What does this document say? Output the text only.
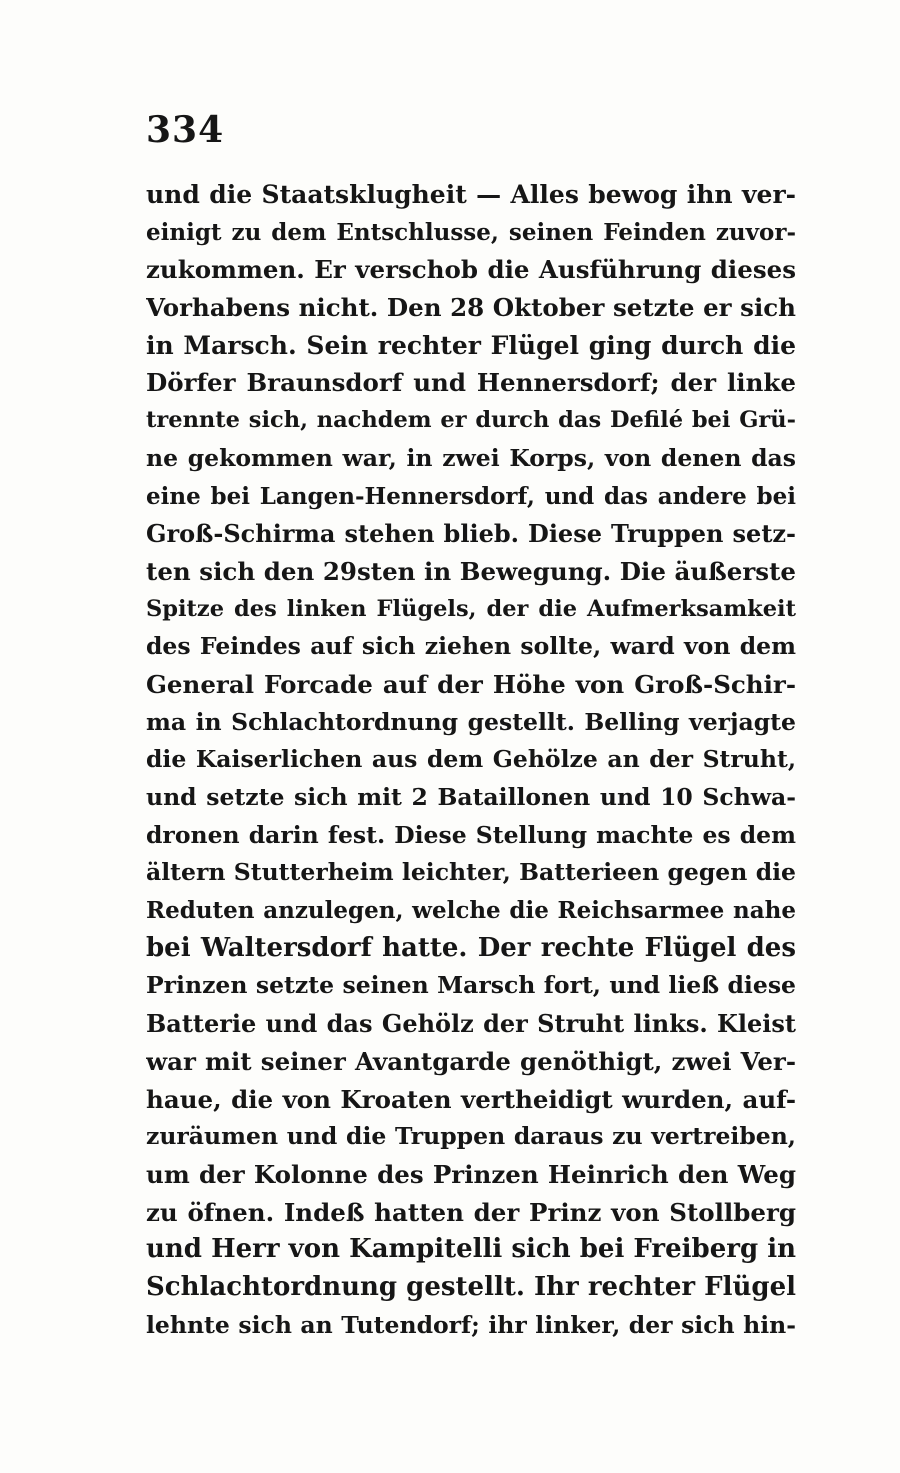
334
und die Staatsklugheit — Alles bewog ihn ver-
einigt zu dem Entschlusse, seinen Feinden zuvor-
zukommen. Er verschob die Ausführung dieses
Vorhabens nicht. Den 28 Oktober setzte er sich
in Marsch. Sein rechter Flügel ging durch die
Dörfer Braunsdorf und Hennersdorf; der linke
trennte sich, nachdem er durch das Defilé bei Grü-
ne gekommen war, in zwei Korps, von denen das
eine bei Langen-Hennersdorf, und das andere bei
Groß-Schirma stehen blieb. Diese Truppen setz-
ten sich den 29sten in Bewegung. Die äußerste
Spitze des linken Flügels, der die Aufmerksamkeit
des Feindes auf sich ziehen sollte, ward von dem
General Forcade auf der Höhe von Groß-Schir-
ma in Schlachtordnung gestellt. Belling verjagte
die Kaiserlichen aus dem Gehölze an der Struht,
und setzte sich mit 2 Bataillonen und 10 Schwa-
dronen darin fest. Diese Stellung machte es dem
ältern Stutterheim leichter, Batterieen gegen die
Reduten anzulegen, welche die Reichsarmee nahe
bei Waltersdorf hatte. Der rechte Flügel des
Prinzen setzte seinen Marsch fort, und ließ diese
Batterie und das Gehölz der Struht links. Kleist
war mit seiner Avantgarde genöthigt, zwei Ver-
haue, die von Kroaten vertheidigt wurden, auf-
zuräumen und die Truppen daraus zu vertreiben,
um der Kolonne des Prinzen Heinrich den Weg
zu öfnen. Indeß hatten der Prinz von Stollberg
und Herr von Kampitelli sich bei Freiberg in
Schlachtordnung gestellt. Ihr rechter Flügel
lehnte sich an Tutendorf; ihr linker, der sich hin-
